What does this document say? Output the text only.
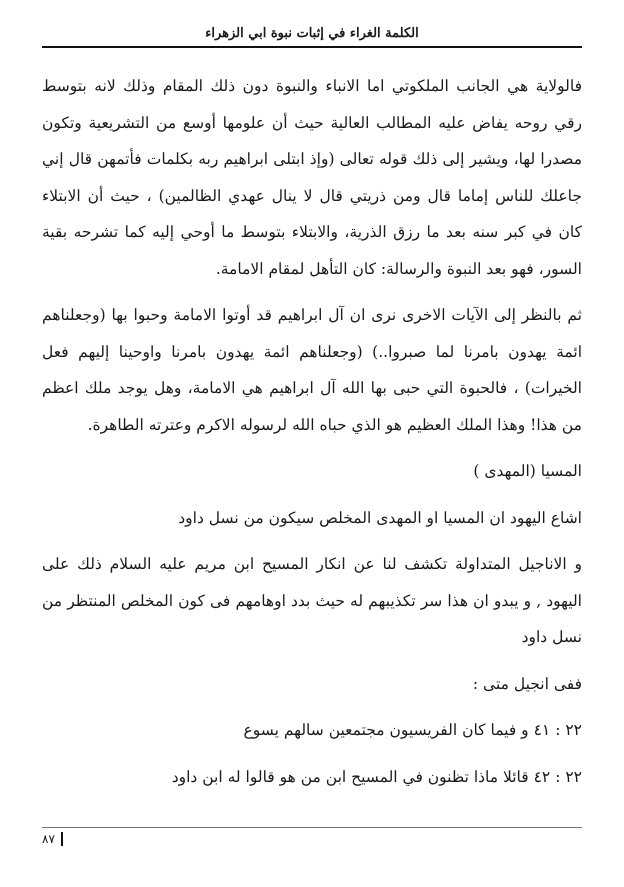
الكلمة الغراء في إثبات نبوة ابي الزهراء

فالولاية هي الجانب الملكوتي اما الانباء والنبوة دون ذلك المقام وذلك لانه بتوسط رقي روحه يفاض عليه المطالب العالية حيث أن علومها أوسع من التشريعية وتكون مصدرا لها، ويشير إلى ذلك قوله تعالى (وإذ ابتلى ابراهيم ربه بكلمات فأتمهن قال إني جاعلك للناس إماما قال ومن ذريتي قال لا ينال عهدي الظالمين) ، حيث أن الابتلاء كان في كبر سنه بعد ما رزق الذرية، والابتلاء بتوسط ما أوحي إليه كما تشرحه بقية السور، فهو بعد النبوة والرسالة: كان التأهل لمقام الامامة.

ثم بالنظر إلى الآيات الاخرى نرى ان آل ابراهيم قد أوتوا الامامة وحبوا بها (وجعلناهم ائمة يهدون بامرنا لما صبروا..) (وجعلناهم ائمة يهدون بامرنا واوحينا إليهم فعل الخيرات) ، فالحبوة التي حبى بها الله آل ابراهيم هي الامامة، وهل يوجد ملك اعظم من هذا! وهذا الملك العظيم هو الذي حباه الله لرسوله الاكرم وعترته الطاهرة.

المسيا (المهدى )

اشاع اليهود ان المسيا او المهدى المخلص سيكون من نسل داود

و الاناجيل المتداولة تكشف لنا عن انكار المسيح ابن مريم عليه السلام ذلك على اليهود , و يبدو ان هذا سر تكذيبهم له حيث بدد اوهامهم فى كون المخلص المنتظر من نسل داود

ففى انجيل متى :

٢٢ : ٤١ و فيما كان الفريسيون مجتمعين سالهم يسوع

٢٢ : ٤٢ قائلا ماذا تظنون في المسيح ابن من هو قالوا له ابن داود

٨٧
